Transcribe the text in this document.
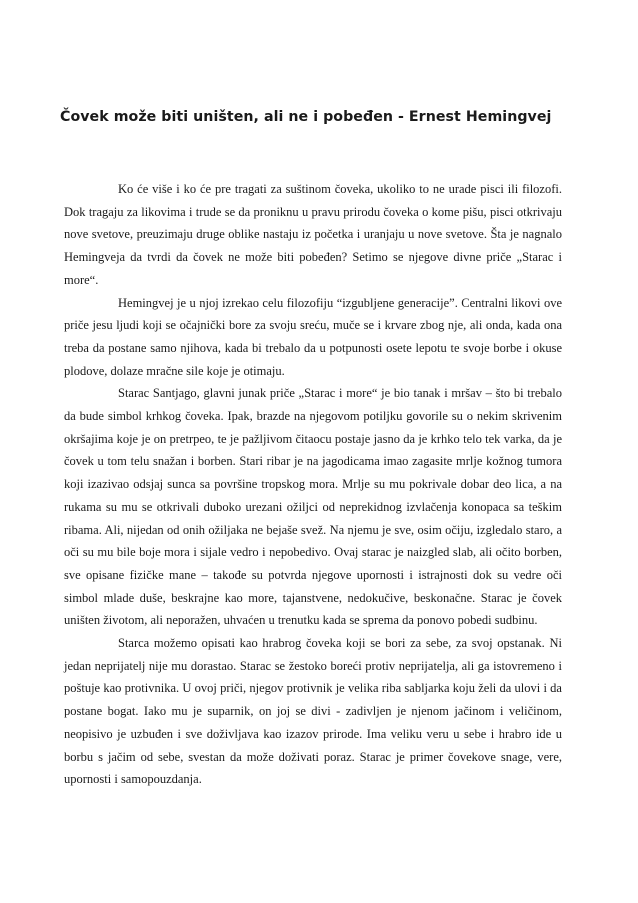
Čovek može biti uništen, ali ne i pobeđen - Ernest Hemingvej

Ko će više i ko će pre tragati za suštinom čoveka, ukoliko to ne urade pisci ili filozofi. Dok tragaju za likovima i trude se da proniknu u pravu prirodu čoveka o kome pišu, pisci otkrivaju nove svetove, preuzimaju druge oblike nastaju iz početka i uranjaju u nove svetove. Šta je nagnalo Hemingveja da tvrdi da čovek ne može biti pobeđen? Setimo se njegove divne priče „Starac i more“.

Hemingvej je u njoj izrekao celu filozofiju “izgubljene generacije”. Centralni likovi ove priče jesu ljudi koji se očajnički bore za svoju sreću, muče se i krvare zbog nje, ali onda, kada ona treba da postane samo njihova, kada bi trebalo da u potpunosti osete lepotu te svoje borbe i okuse plodove, dolaze mračne sile koje je otimaju.

Starac Santjago, glavni junak priče „Starac i more“ je bio tanak i mršav – što bi trebalo da bude simbol krhkog čoveka. Ipak, brazde na njegovom potiljku govorile su o nekim skrivenim okršajima koje je on pretrpeo, te je pažljivom čitaocu postaje jasno da je krhko telo tek varka, da je čovek u tom telu snažan i borben. Stari ribar je na jagodicama imao zagasite mrlje kožnog tumora koji izazivao odsjaj sunca sa površine tropskog mora. Mrlje su mu pokrivale dobar deo lica, a na rukama su mu se otkrivali duboko urezani ožiljci od neprekidnog izvlačenja konopaca sa teškim ribama. Ali, nijedan od onih ožiljaka ne bejaše svež. Na njemu je sve, osim očiju, izgledalo staro, a oči su mu bile boje mora i sijale vedro i nepobedivo. Ovaj starac je naizgled slab, ali očito borben, sve opisane fizičke mane – takođe su potvrda njegove upornosti i istrajnosti dok su vedre oči simbol mlade duše, beskrajne kao more, tajanstvene, nedokučive, beskonačne. Starac je čovek uništen životom, ali neporažen, uhvaćen u trenutku kada se sprema da ponovo pobedi sudbinu.

Starca možemo opisati kao hrabrog čoveka koji se bori za sebe, za svoj opstanak. Ni jedan neprijatelj nije mu dorastao. Starac se žestoko boreći protiv neprijatelja, ali ga istovremeno i poštuje kao protivnika. U ovoj priči, njegov protivnik je velika riba sabljarka koju želi da ulovi i da postane bogat. Iako mu je suparnik, on joj se divi - zadivljen je njenom jačinom i veličinom, neopisivo je uzbuđen i sve doživljava kao izazov prirode. Ima veliku veru u sebe i hrabro ide u borbu s jačim od sebe, svestan da može doživati poraz. Starac je primer čovekove snage, vere, upornosti i samopouzdanja.
